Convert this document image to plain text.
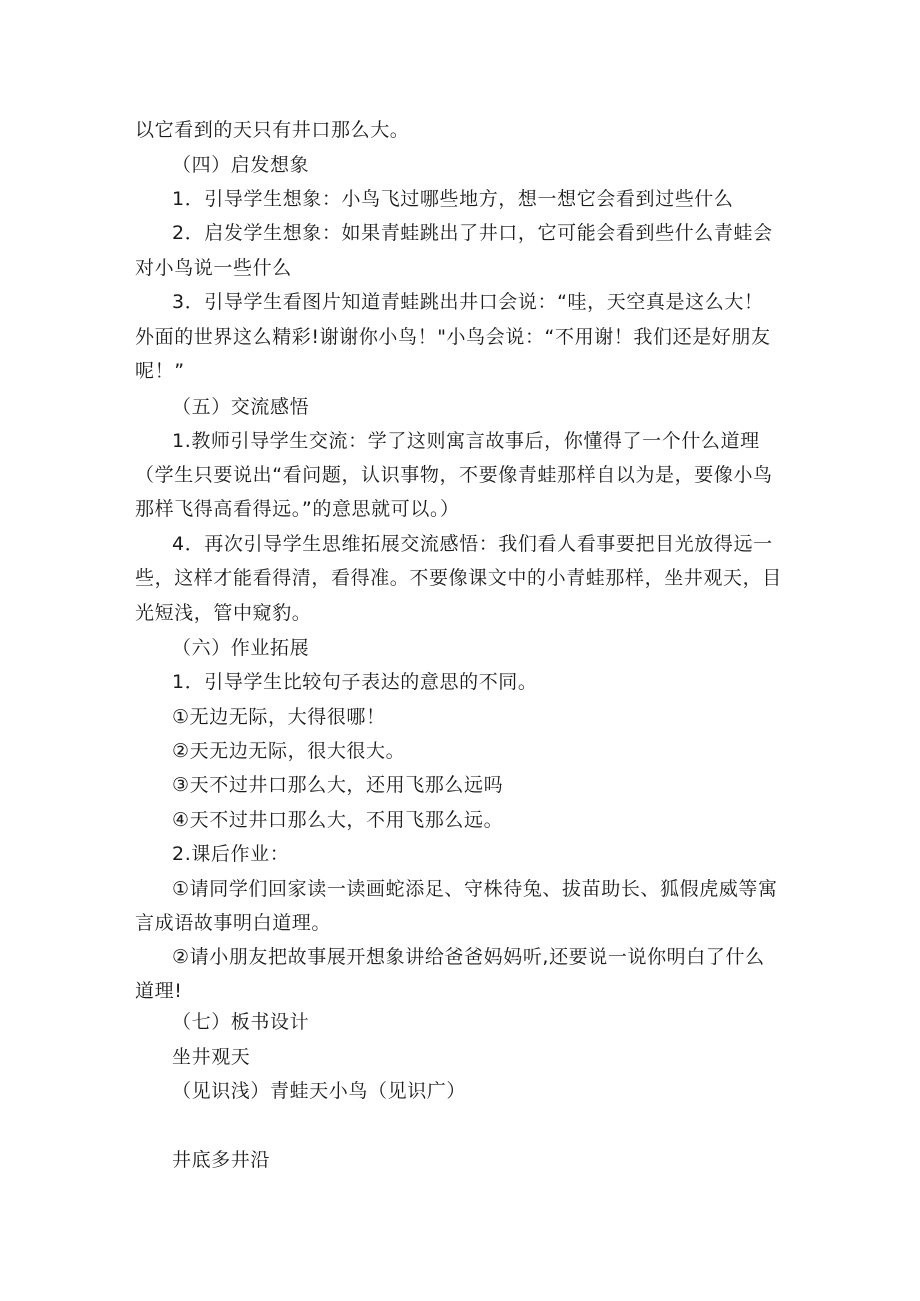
以它看到的天只有井口那么大。
（四）启发想象
1．引导学生想象：小鸟飞过哪些地方，想一想它会看到过些什么
2．启发学生想象：如果青蛙跳出了井口，它可能会看到些什么青蛙会
对小鸟说一些什么
3．引导学生看图片知道青蛙跳出井口会说：“哇，天空真是这么大！
外面的世界这么精彩!谢谢你小鸟！"小鸟会说：“不用谢！我们还是好朋友
呢！”
（五）交流感悟
1.教师引导学生交流：学了这则寓言故事后，你懂得了一个什么道理
（学生只要说出“看问题，认识事物，不要像青蛙那样自以为是，要像小鸟
那样飞得高看得远。”的意思就可以。）
4．再次引导学生思维拓展交流感悟：我们看人看事要把目光放得远一
些，这样才能看得清，看得准。不要像课文中的小青蛙那样，坐井观天，目
光短浅，管中窥豹。
（六）作业拓展
1．引导学生比较句子表达的意思的不同。
①无边无际，大得很哪！
②天无边无际，很大很大。
③天不过井口那么大，还用飞那么远吗
④天不过井口那么大，不用飞那么远。
2.课后作业：
①请同学们回家读一读画蛇添足、守株待兔、拔苗助长、狐假虎威等寓
言成语故事明白道理。
②请小朋友把故事展开想象讲给爸爸妈妈听,还要说一说你明白了什么
道理!
（七）板书设计
坐井观天
（见识浅）青蛙天小鸟（见识广）
井底多井沿
